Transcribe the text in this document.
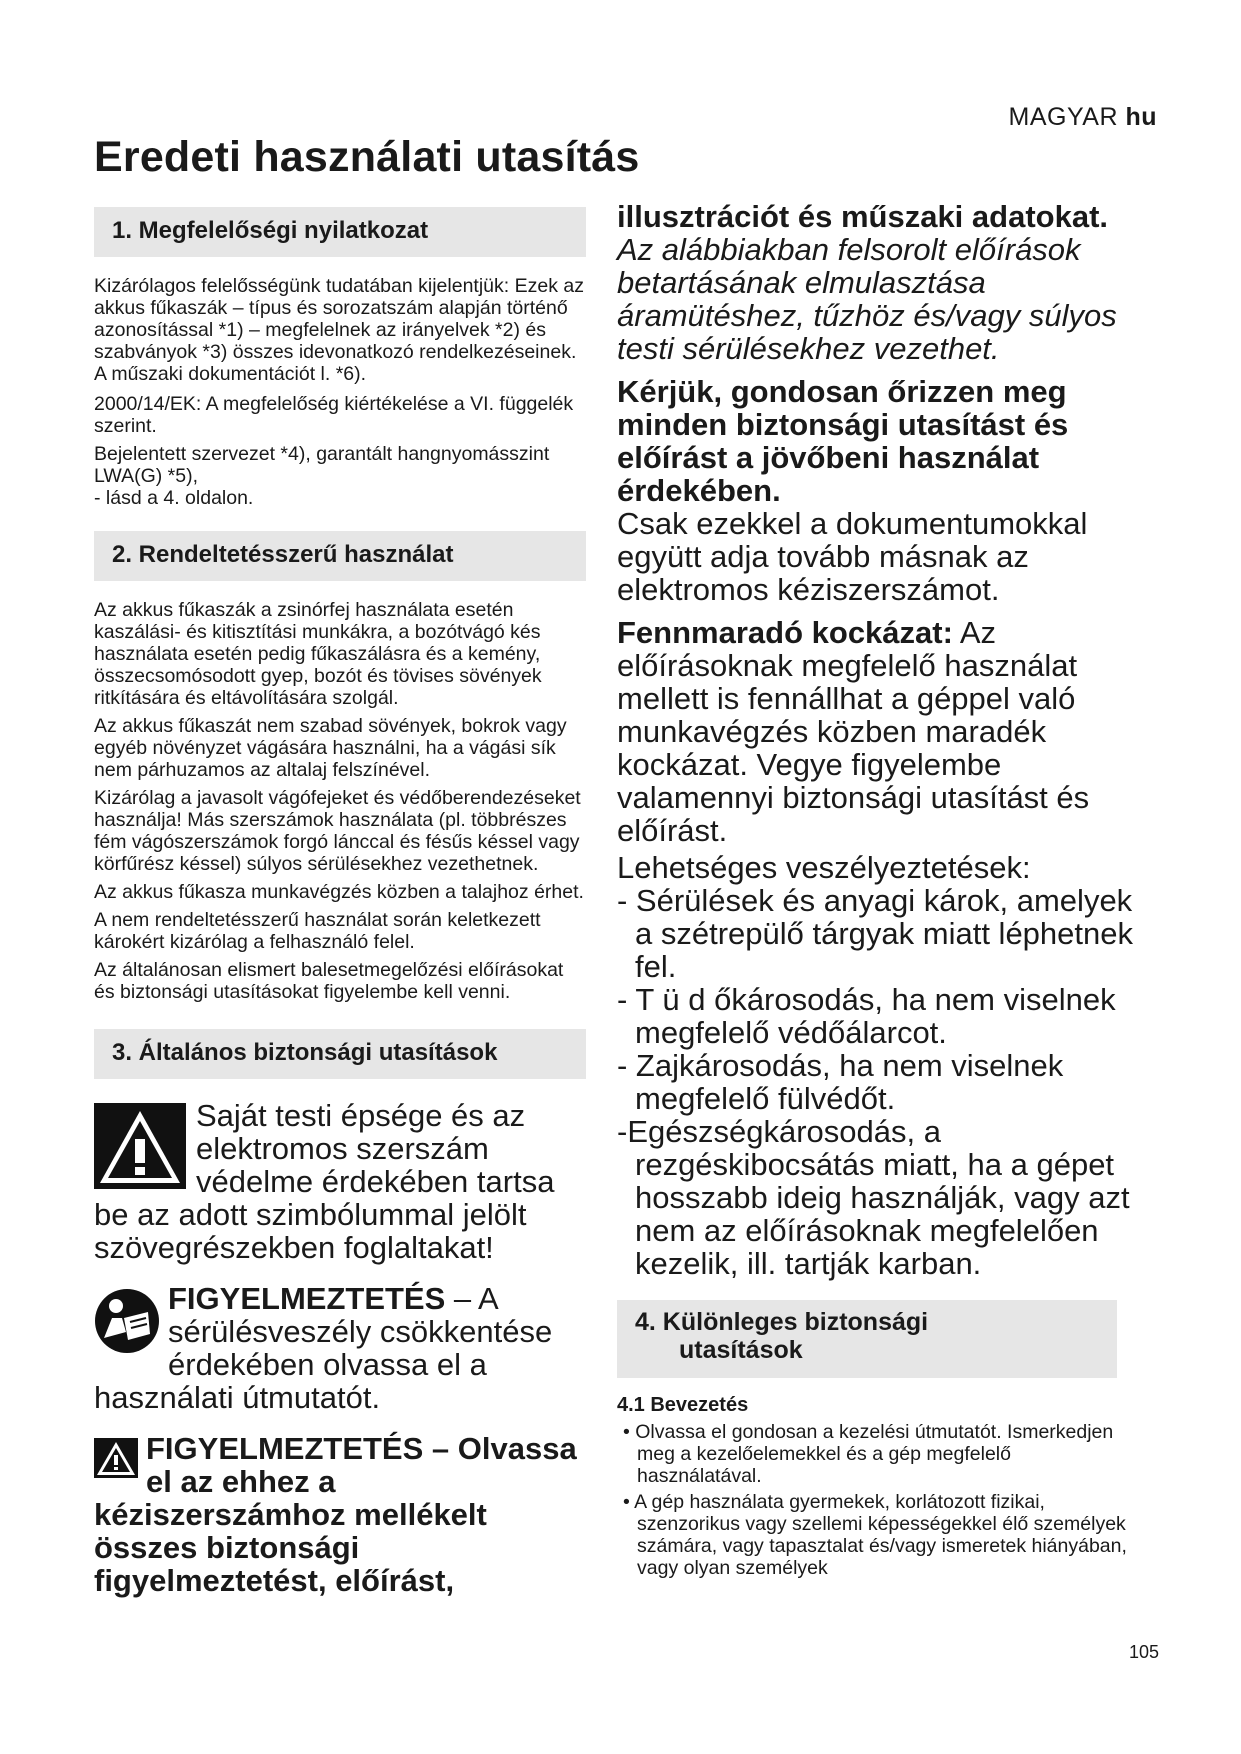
MAGYAR hu
Eredeti használati utasítás
1. Megfelelőségi nyilatkozat

Kizárólagos felelősségünk tudatában kijelentjük: Ezek az akkus fűkaszák – típus és sorozatszám alapján történő azonosítással *1) – megfelelnek az irányelvek *2) és szabványok *3) összes idevonatkozó rendelkezéseinek. A műszaki dokumentációt l. *6).

2000/14/EK: A megfelelőség kiértékelése a VI. függelék szerint.

Bejelentett szervezet *4), garantált hangnyomásszint LWA(G) *5),

- lásd a 4. oldalon.

2. Rendeltetésszerű használat

Az akkus fűkaszák a zsinórfej használata esetén kaszálási- és kitisztítási munkákra, a bozótvágó kés használata esetén pedig fűkaszálásra és a kemény, összecsomósodott gyep, bozót és tövises sövények ritkítására és eltávolítására szolgál.

Az akkus fűkaszát nem szabad sövények, bokrok vagy egyéb növényzet vágására használni, ha a vágási sík nem párhuzamos az altalaj felszínével.

Kizárólag a javasolt vágófejeket és védőberendezéseket használja! Más szerszámok használata (pl. többrészes fém vágószerszámok forgó lánccal és fésűs késsel vagy körfűrész késsel) súlyos sérülésekhez vezethetnek.

Az akkus fűkasza munkavégzés közben a talajhoz érhet.

A nem rendeltetésszerű használat során keletkezett károkért kizárólag a felhasználó felel.

Az általánosan elismert balesetmegelőzési előírásokat és biztonsági utasításokat figyelembe kell venni.

3. Általános biztonsági utasítások
Saját testi épsége és az elektromos szerszám védelme érdekében tartsa be az adott szimbólummal jelölt szövegrészekben foglaltakat!
FIGYELMEZTETÉS – A sérülésveszély csökkentése érdekében olvassa el a használati útmutatót.
FIGYELMEZTETÉS – Olvassa el az ehhez a kéziszerszámhoz mellékelt összes biztonsági figyelmeztetést, előírást,
illusztrációt és műszaki adatokat. Az alábbiakban felsorolt előírások betartásának elmulasztása áramütéshez, tűzhöz és/vagy súlyos testi sérülésekhez vezethet.
Kérjük, gondosan őrizzen meg minden biztonsági utasítást és előírást a jövőbeni használat érdekében.
Csak ezekkel a dokumentumokkal együtt adja tovább másnak az elektromos kéziszerszámot.
Fennmaradó kockázat: Az előírásoknak megfelelő használat mellett is fennállhat a géppel való munkavégzés közben maradék kockázat. Vegye figyelembe valamennyi biztonsági utasítást és előírást.
Lehetséges veszélyeztetések:
- Sérülések és anyagi károk, amelyek a szétrepülő tárgyak miatt léphetnek fel.
- T ü d őkárosodás, ha nem viselnek megfelelő védőálarcot.
- Zajkárosodás, ha nem viselnek megfelelő fülvédőt.
-Egészségkárosodás, a rezgéskibocsátás miatt, ha a gépet hosszabb ideig használják, vagy azt nem az előírásoknak megfelelően kezelik, ill. tartják karban.
4. Különleges biztonsági
utasítások
4.1 Bevezetés
• Olvassa el gondosan a kezelési útmutatót. Ismerkedjen meg a kezelőelemekkel és a gép megfelelő használatával.
• A gép használata gyermekek, korlátozott fizikai, szenzorikus vagy szellemi képességekkel élő személyek számára, vagy tapasztalat és/vagy ismeretek hiányában, vagy olyan személyek
105
